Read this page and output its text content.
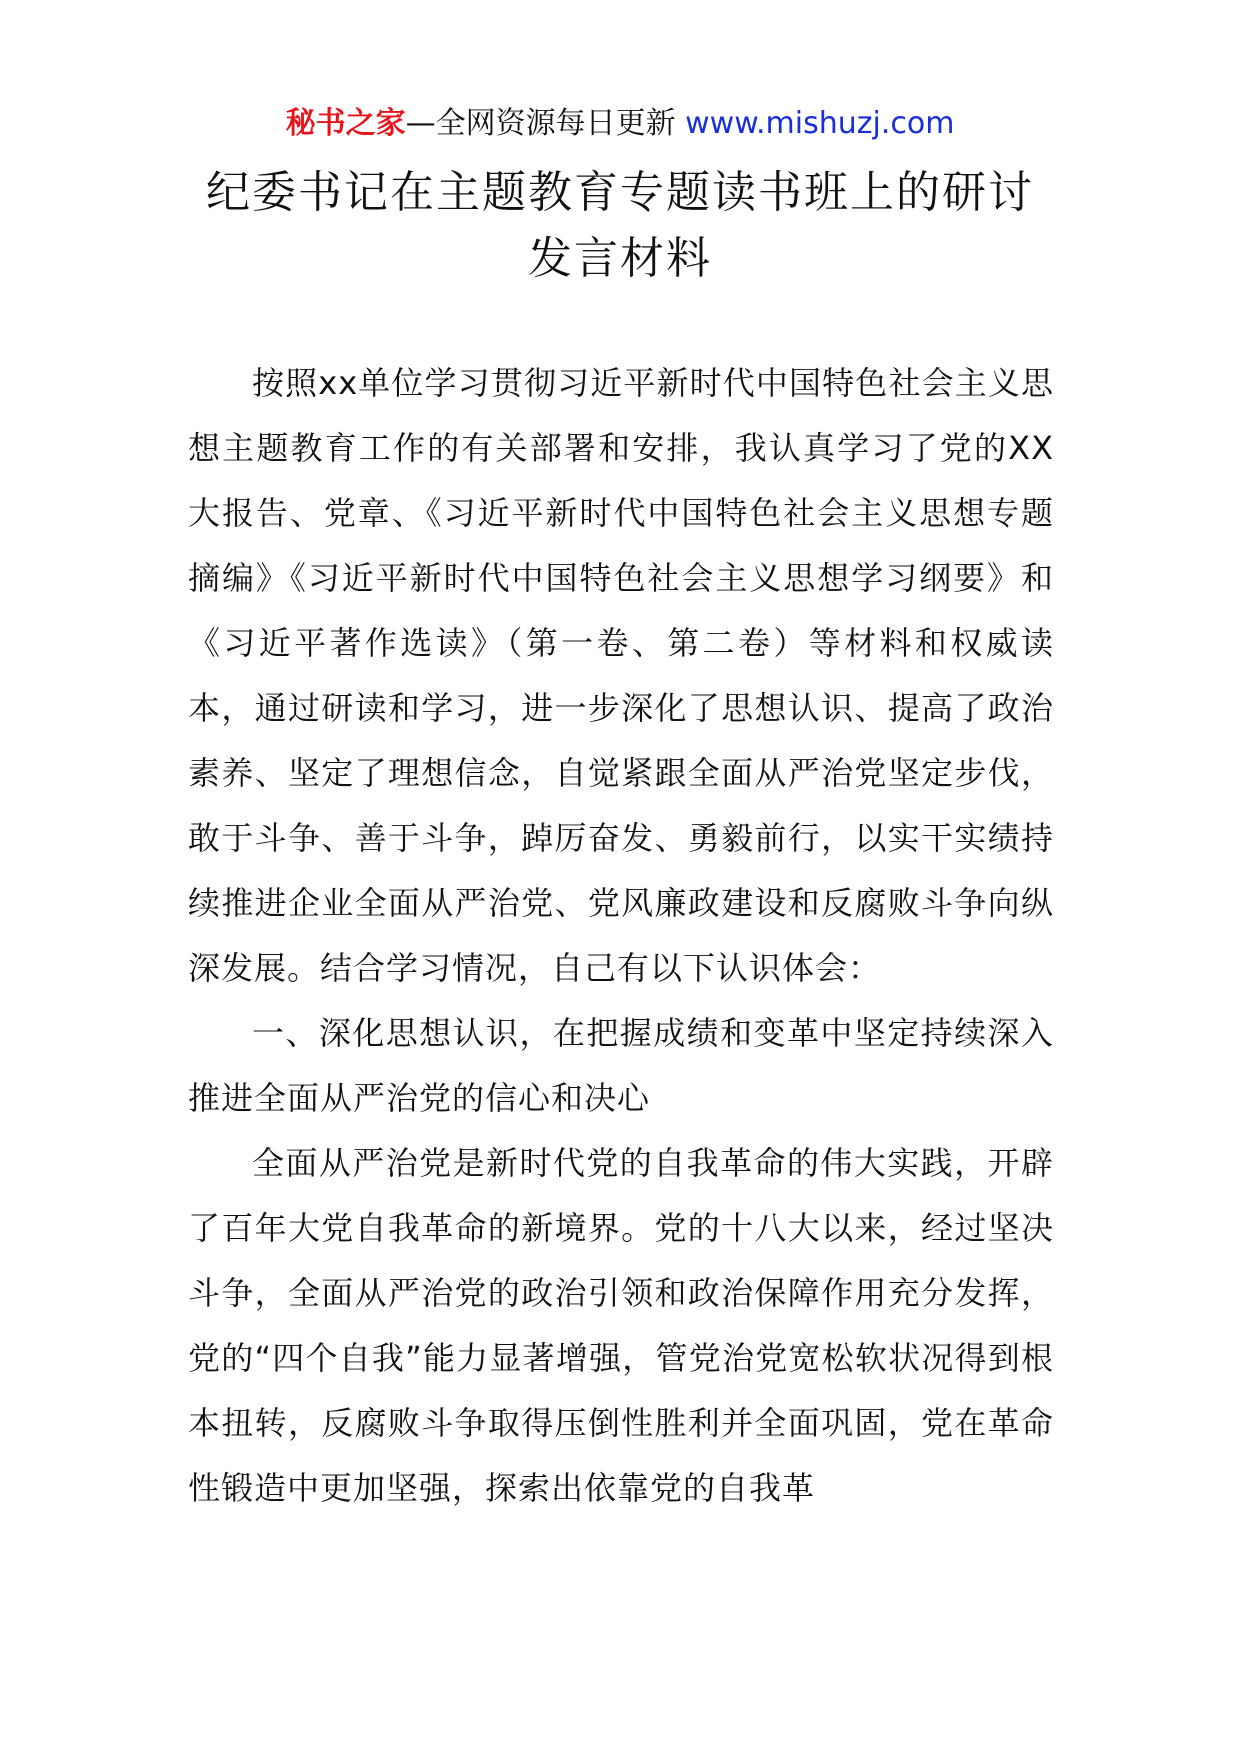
秘书之家—全网资源每日更新 www.mishuzj.com
纪委书记在主题教育专题读书班上的研讨
发言材料

按照xx单位学习贯彻习近平新时代中国特色社会主义思想主题教育工作的有关部署和安排，我认真学习了党的XX大报告、党章、《习近平新时代中国特色社会主义思想专题摘编》《习近平新时代中国特色社会主义思想学习纲要》和《习近平著作选读》（第一卷、第二卷）等材料和权威读本，通过研读和学习，进一步深化了思想认识、提高了政治素养、坚定了理想信念，自觉紧跟全面从严治党坚定步伐，敢于斗争、善于斗争，踔厉奋发、勇毅前行，以实干实绩持续推进企业全面从严治党、党风廉政建设和反腐败斗争向纵深发展。结合学习情况，自己有以下认识体会：

一、深化思想认识，在把握成绩和变革中坚定持续深入推进全面从严治党的信心和决心

全面从严治党是新时代党的自我革命的伟大实践，开辟了百年大党自我革命的新境界。党的十八大以来，经过坚决斗争，全面从严治党的政治引领和政治保障作用充分发挥，党的“四个自我”能力显著增强，管党治党宽松软状况得到根本扭转，反腐败斗争取得压倒性胜利并全面巩固，党在革命性锻造中更加坚强，探索出依靠党的自我革
